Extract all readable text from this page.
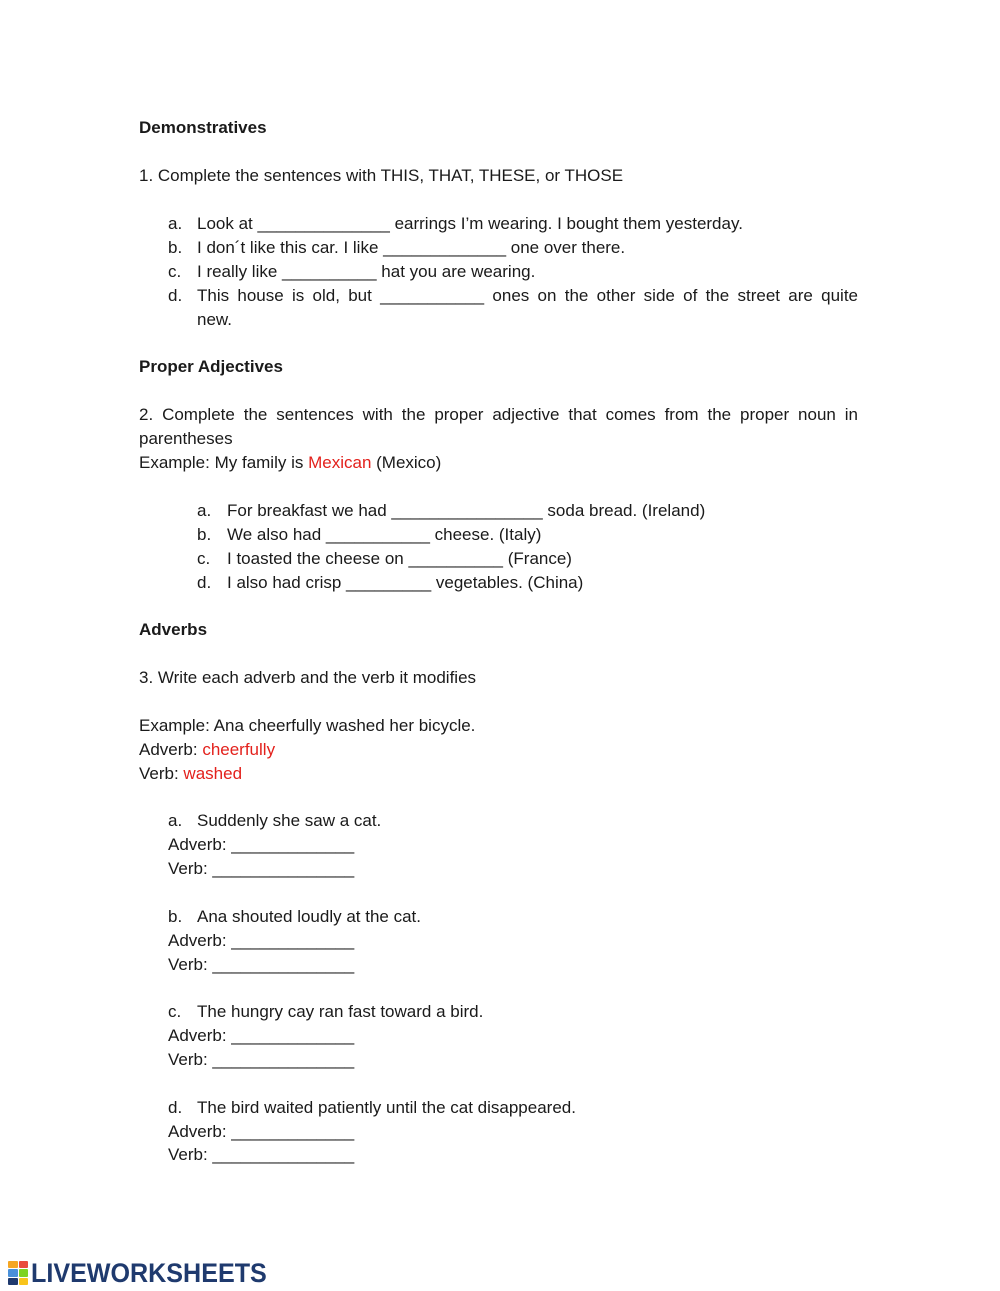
Demonstratives
1. Complete the sentences with THIS, THAT, THESE, or THOSE
a. Look at ______________ earrings I’m wearing. I bought them yesterday.
b. I don´t like this car. I like _____________ one over there.
c. I really like __________ hat you are wearing.
d. This house is old, but ___________ ones on the other side of the street are quite
new.
Proper Adjectives
2. Complete the sentences with the proper adjective that comes from the proper noun in
parentheses
Example: My family is Mexican (Mexico)
a. For breakfast we had ________________ soda bread. (Ireland)
b. We also had ___________ cheese. (Italy)
c. I toasted the cheese on __________ (France)
d. I also had crisp _________ vegetables. (China)
Adverbs
3. Write each adverb and the verb it modifies
Example: Ana cheerfully washed her bicycle.
Adverb: cheerfully
Verb: washed
a. Suddenly she saw a cat.
Adverb: _____________
Verb: _______________
b. Ana shouted loudly at the cat.
Adverb: _____________
Verb: _______________
c. The hungry cay ran fast toward a bird.
Adverb: _____________
Verb: _______________
d. The bird waited patiently until the cat disappeared.
Adverb: _____________
Verb: _______________
LIVEWORKSHEETS
